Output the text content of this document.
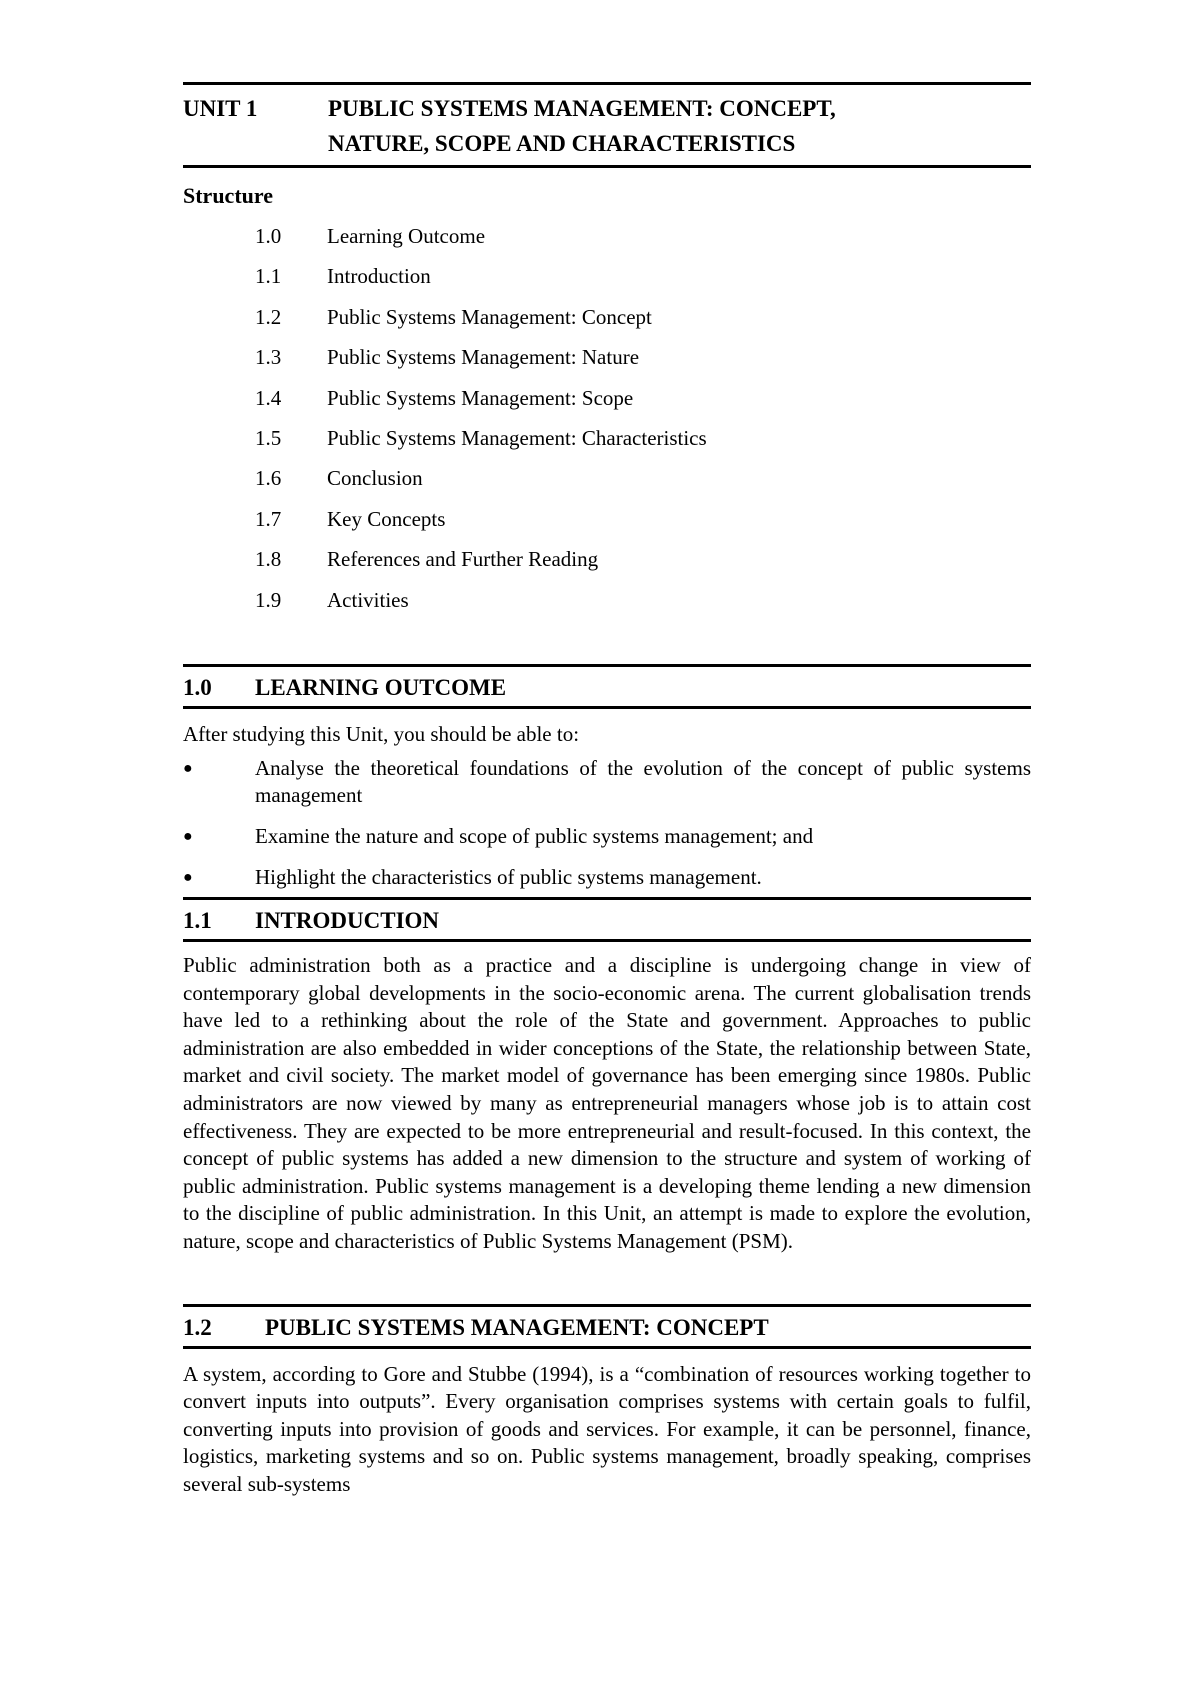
UNIT 1	PUBLIC SYSTEMS MANAGEMENT: CONCEPT,
NATURE, SCOPE AND CHARACTERISTICS
Structure
1.0	Learning Outcome
1.1	Introduction
1.2	Public Systems Management: Concept
1.3	Public Systems Management: Nature
1.4	Public Systems Management: Scope
1.5	Public Systems Management: Characteristics
1.6	Conclusion
1.7	Key Concepts
1.8	References and Further Reading
1.9	Activities
1.0	LEARNING OUTCOME

After studying this Unit, you should be able to:

●	Analyse the theoretical foundations of the evolution of the concept of public systems management
●	Examine the nature and scope of public systems management; and
●	Highlight the characteristics of public systems management.
1.1	INTRODUCTION

Public administration both as a practice and a discipline is undergoing change in view of contemporary global developments in the socio-economic arena. The current globalisation trends have led to a rethinking about the role of the State and government. Approaches to public administration are also embedded in wider conceptions of the State, the relationship between State, market and civil society. The market model of governance has been emerging since 1980s. Public administrators are now viewed by many as entrepreneurial managers whose job is to attain cost effectiveness. They are expected to be more entrepreneurial and result-focused. In this context, the concept of public systems has added a new dimension to the structure and system of working of public administration. Public systems management is a developing theme lending a new dimension to the discipline of public administration. In this Unit, an attempt is made to explore the evolution, nature, scope and characteristics of Public Systems Management (PSM).

1.2	PUBLIC SYSTEMS MANAGEMENT: CONCEPT

A system, according to Gore and Stubbe (1994), is a “combination of resources working together to convert inputs into outputs”. Every organisation comprises systems with certain goals to fulfil, converting inputs into provision of goods and services. For example, it can be personnel, finance, logistics, marketing systems and so on. Public systems management, broadly speaking, comprises several sub-systems
